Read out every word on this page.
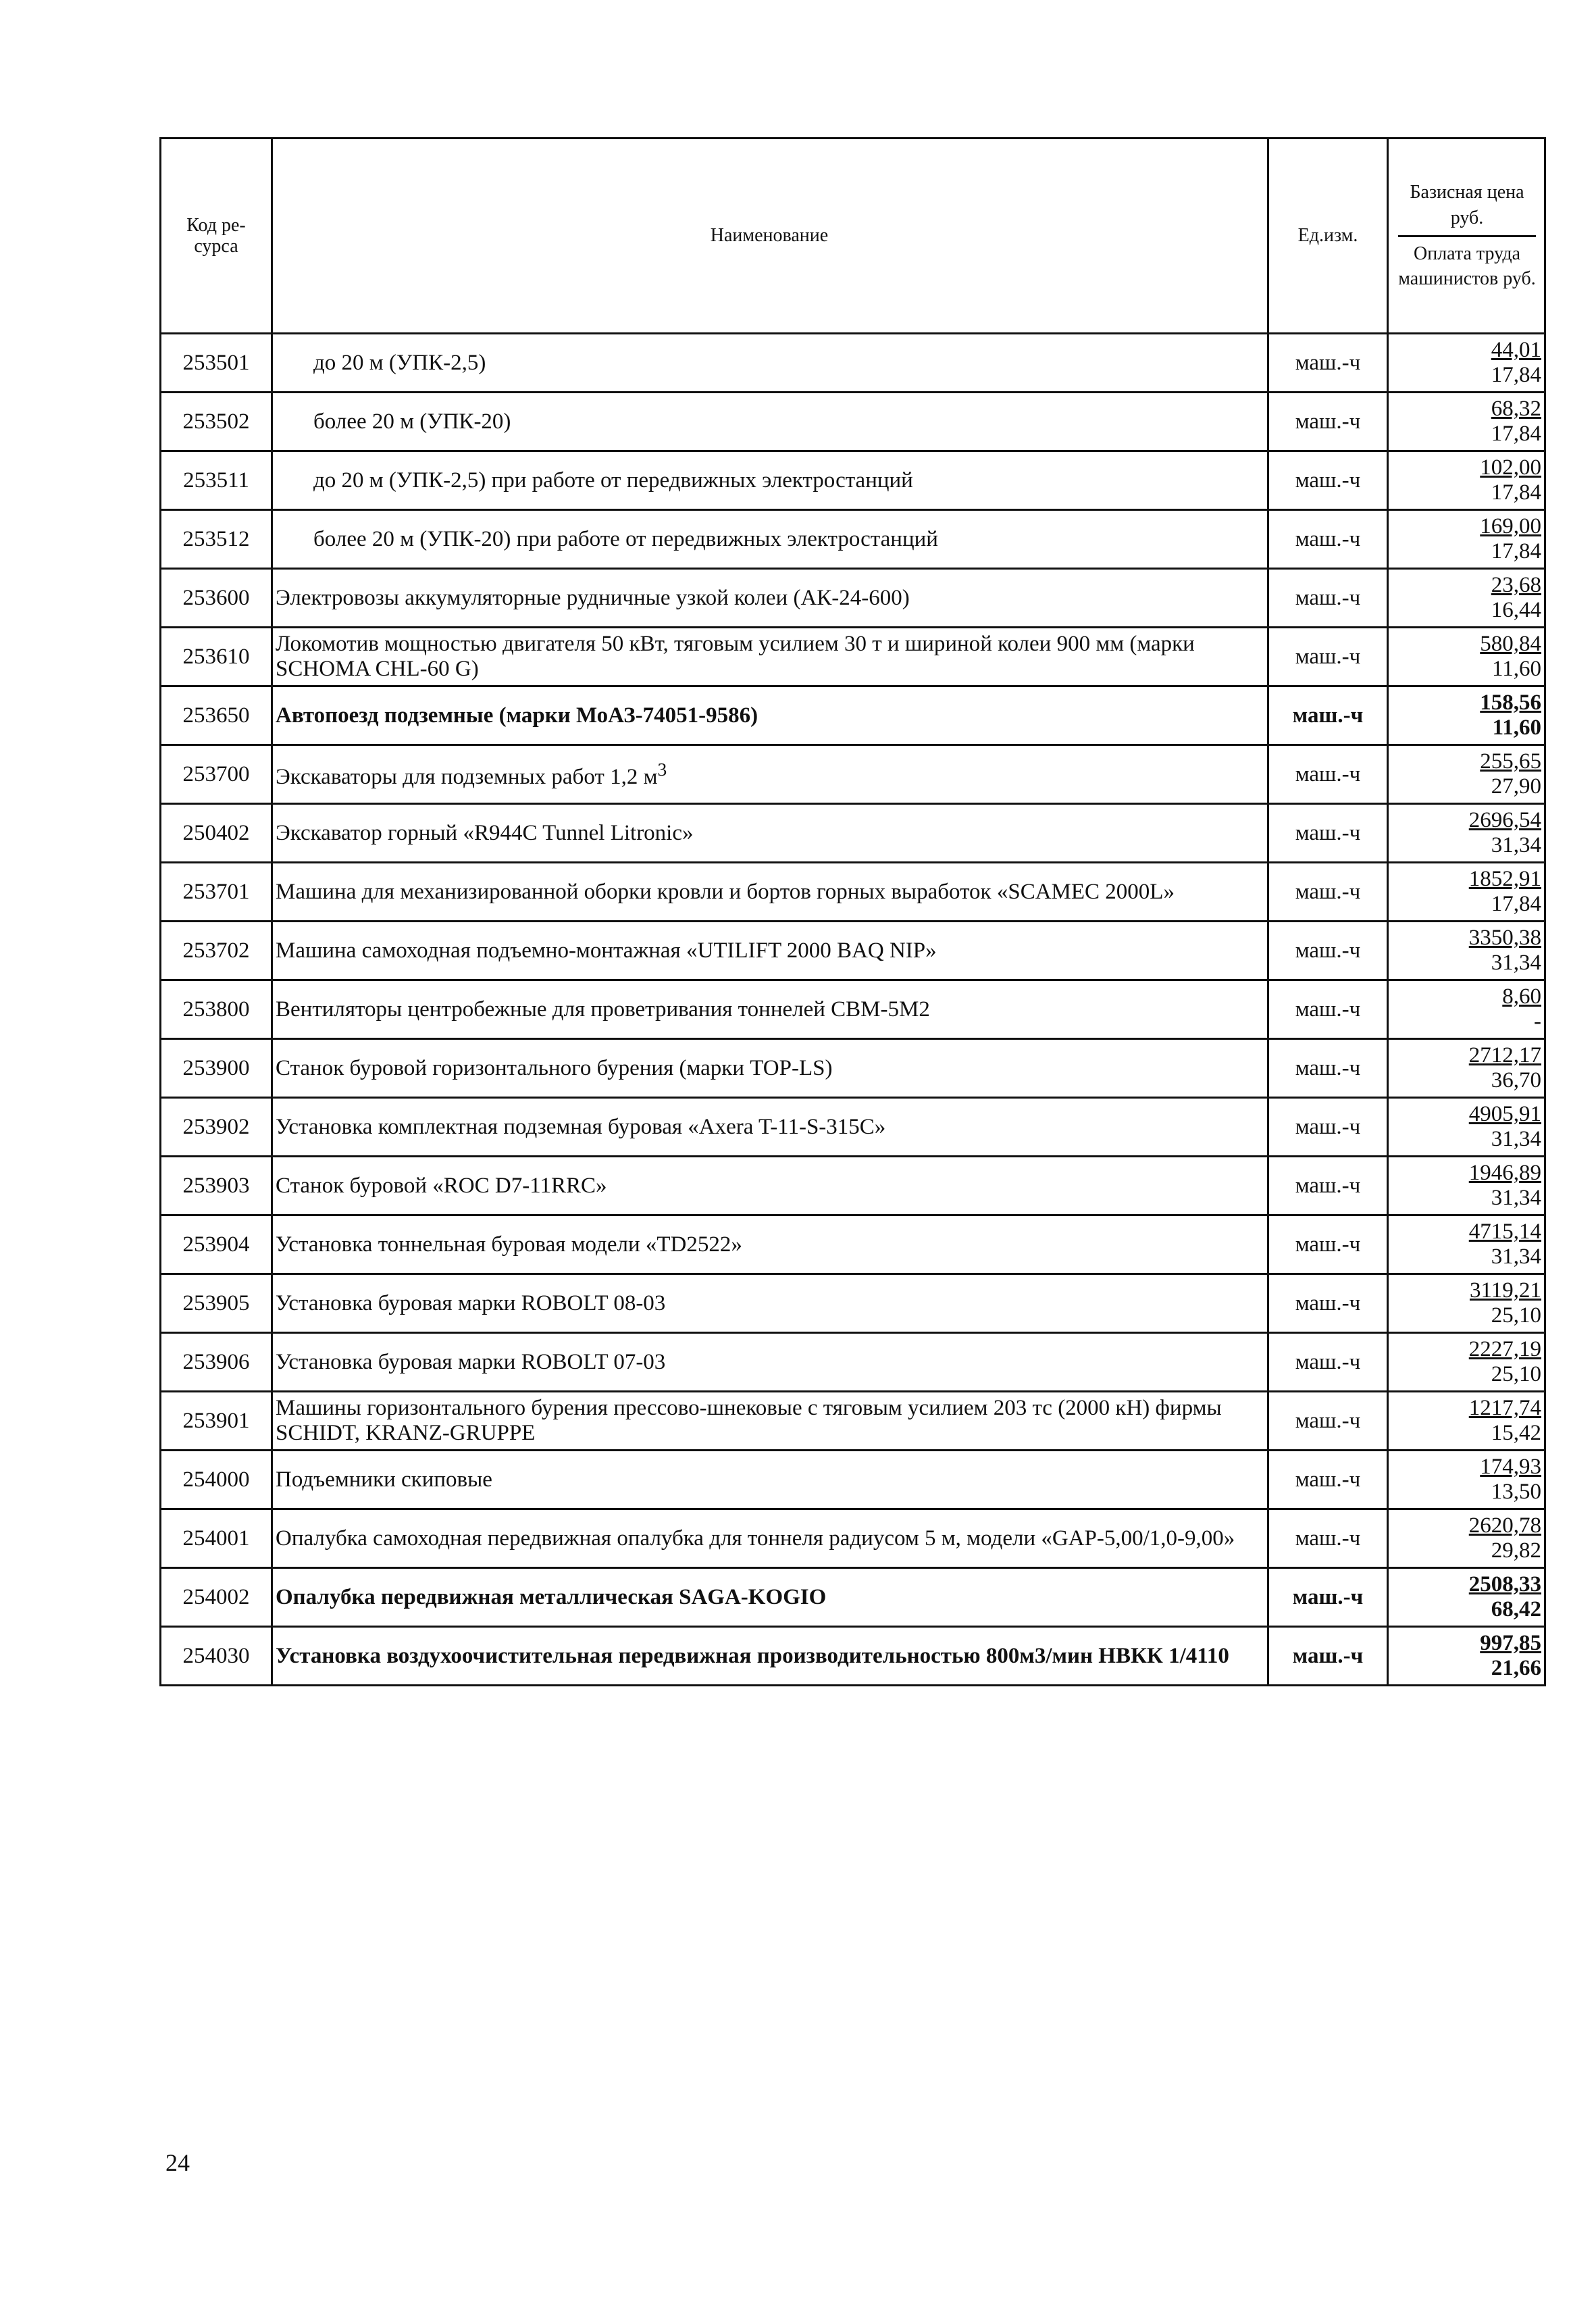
Код ре-сурса	Наименование	Ед.изм.	Базисная цена руб.
Оплата труда машинистов руб.

253501	до 20 м (УПК-2,5)	маш.-ч	44,01
17,84

253502	более 20 м (УПК-20)	маш.-ч	68,32
17,84

253511	до 20 м (УПК-2,5) при работе от передвижных электростанций	маш.-ч	102,00
17,84

253512	более 20 м (УПК-20) при работе от передвижных электростанций	маш.-ч	169,00
17,84

253600	Электровозы аккумуляторные рудничные узкой колеи (АК-24-600)	маш.-ч	23,68
16,44

253610	Локомотив мощностью двигателя 50 кВт, тяговым усилием 30 т и шириной колеи 900 мм (марки SCHOMA CHL-60 G)	маш.-ч	580,84
11,60

253650	Автопоезд подземные (марки МоАЗ-74051-9586)	маш.-ч	158,56
11,60

253700	Экскаваторы для подземных работ 1,2 $м^3$	маш.-ч	255,65
27,90

250402	Экскаватор горный «R944C Tunnel Litronic»	маш.-ч	2696,54
31,34

253701	Машина для механизированной оборки кровли и бортов горных выработок «SCAMEC 2000L»	маш.-ч	1852,91
17,84

253702	Машина самоходная подъемно-монтажная «UTILIFT 2000 BAQ NIP»	маш.-ч	3350,38
31,34

253800	Вентиляторы центробежные для проветривания тоннелей СВМ-5М2	маш.-ч	8,60
-

253900	Станок буровой горизонтального бурения (марки TOP-LS)	маш.-ч	2712,17
36,70

253902	Установка комплектная подземная буровая «Axera T-11-S-315C»	маш.-ч	4905,91
31,34

253903	Станок буровой «ROC D7-11RRC»	маш.-ч	1946,89
31,34

253904	Установка тоннельная буровая модели «TD2522»	маш.-ч	4715,14
31,34

253905	Установка буровая марки ROBOLT 08-03	маш.-ч	3119,21
25,10

253906	Установка буровая марки ROBOLT 07-03	маш.-ч	2227,19
25,10

253901	Машины горизонтального бурения прессово-шнековые с тяговым усилием 203 тс (2000 кН) фирмы SCHIDT, KRANZ-GRUPPE	маш.-ч	1217,74
15,42

254000	Подъемники скиповые	маш.-ч	174,93
13,50

254001	Опалубка самоходная передвижная опалубка для тоннеля радиусом 5 м, модели «GAP-5,00/1,0-9,00»	маш.-ч	2620,78
29,82

254002	Опалубка передвижная металлическая SAGA-KOGIO	маш.-ч	2508,33
68,42

254030	Установка воздухоочистительная передвижная производительностью 800м3/мин НВКК 1/4110	маш.-ч	997,85
21,66
24
